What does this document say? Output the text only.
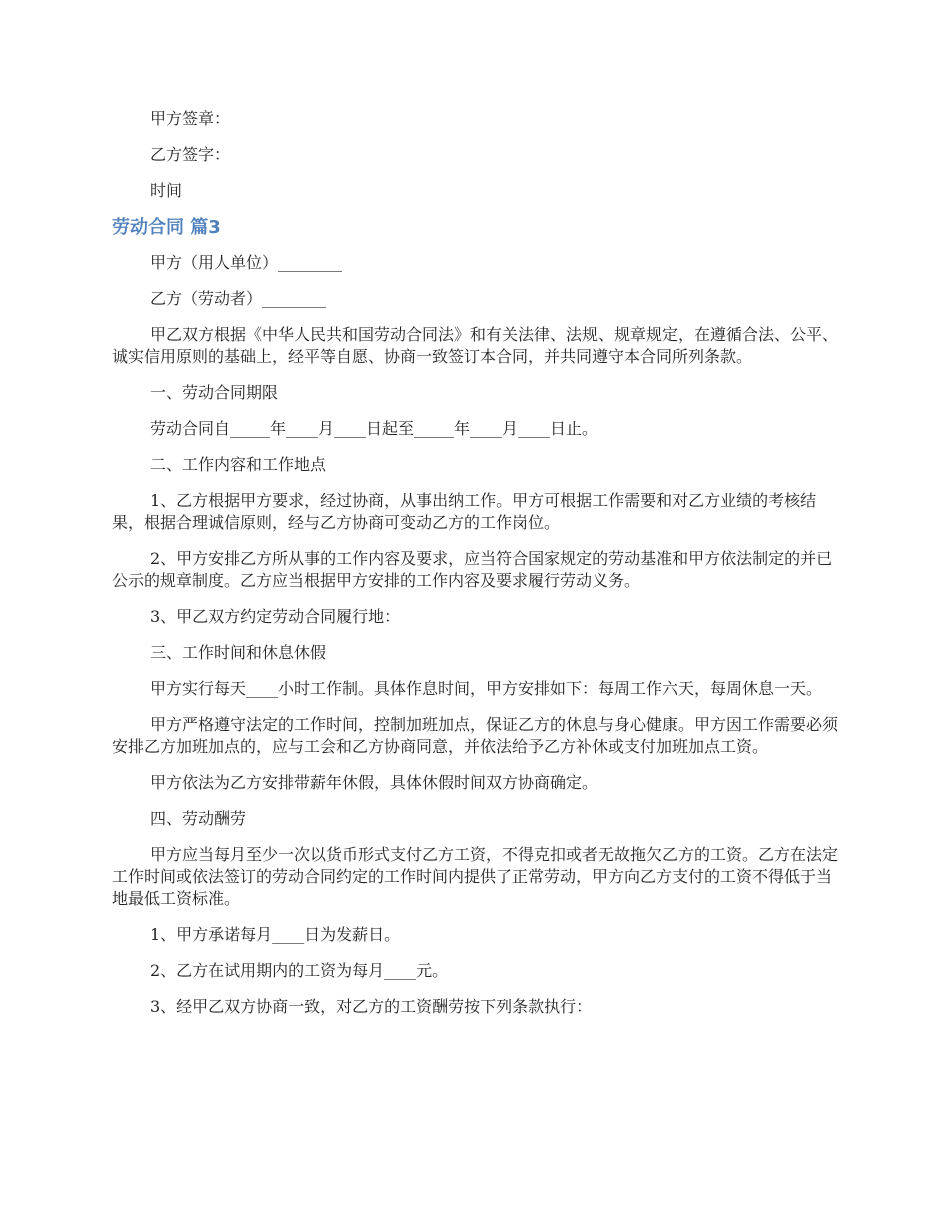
甲方签章：

乙方签字：

时间

劳动合同 篇3

甲方（用人单位）________

乙方（劳动者）________

甲乙双方根据《中华人民共和国劳动合同法》和有关法律、法规、规章规定，在遵循合法、公平、诚实信用原则的基础上，经平等自愿、协商一致签订本合同，并共同遵守本合同所列条款。

一、劳动合同期限

劳动合同自_____年____月____日起至_____年____月____日止。

二、工作内容和工作地点

1、乙方根据甲方要求，经过协商，从事出纳工作。甲方可根据工作需要和对乙方业绩的考核结果，根据合理诚信原则，经与乙方协商可变动乙方的工作岗位。

2、甲方安排乙方所从事的工作内容及要求，应当符合国家规定的劳动基准和甲方依法制定的并已公示的规章制度。乙方应当根据甲方安排的工作内容及要求履行劳动义务。

3、甲乙双方约定劳动合同履行地：

三、工作时间和休息休假

甲方实行每天____小时工作制。具体作息时间，甲方安排如下：每周工作六天，每周休息一天。

甲方严格遵守法定的工作时间，控制加班加点，保证乙方的休息与身心健康。甲方因工作需要必须安排乙方加班加点的，应与工会和乙方协商同意，并依法给予乙方补休或支付加班加点工资。

甲方依法为乙方安排带薪年休假，具体休假时间双方协商确定。

四、劳动酬劳

甲方应当每月至少一次以货币形式支付乙方工资，不得克扣或者无故拖欠乙方的工资。乙方在法定工作时间或依法签订的劳动合同约定的工作时间内提供了正常劳动，甲方向乙方支付的工资不得低于当地最低工资标准。

1、甲方承诺每月____日为发薪日。

2、乙方在试用期内的工资为每月____元。

3、经甲乙双方协商一致，对乙方的工资酬劳按下列条款执行：
